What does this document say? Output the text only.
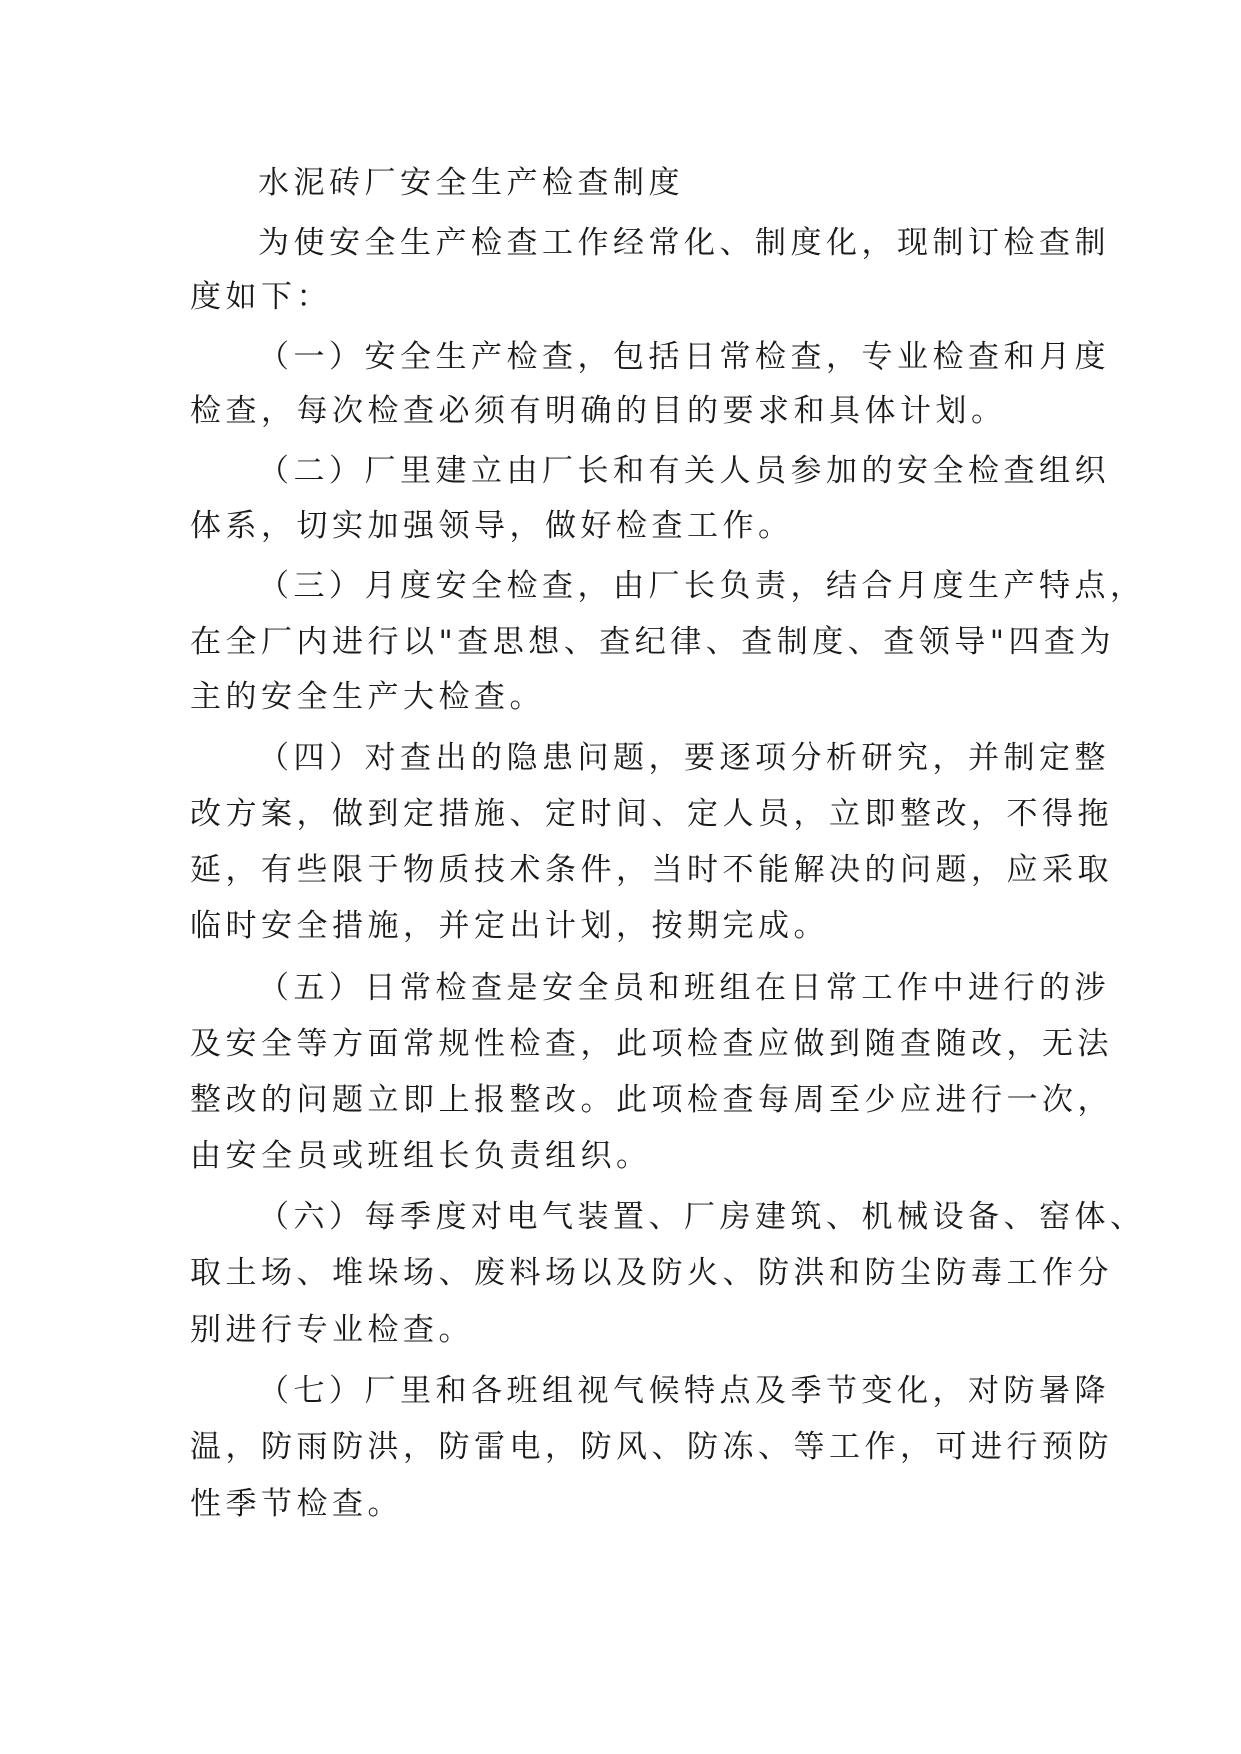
水泥砖厂安全生产检查制度
为使安全生产检查工作经常化、制度化，现制订检查制
度如下：
（一）安全生产检查，包括日常检查，专业检查和月度
检查，每次检查必须有明确的目的要求和具体计划。
（二）厂里建立由厂长和有关人员参加的安全检查组织
体系，切实加强领导，做好检查工作。
（三）月度安全检查，由厂长负责，结合月度生产特点，
在全厂内进行以"查思想、查纪律、查制度、查领导"四查为
主的安全生产大检查。
（四）对查出的隐患问题，要逐项分析研究，并制定整
改方案，做到定措施、定时间、定人员，立即整改，不得拖
延，有些限于物质技术条件，当时不能解决的问题，应采取
临时安全措施，并定出计划，按期完成。
（五）日常检查是安全员和班组在日常工作中进行的涉
及安全等方面常规性检查，此项检查应做到随查随改，无法
整改的问题立即上报整改。此项检查每周至少应进行一次，
由安全员或班组长负责组织。
（六）每季度对电气装置、厂房建筑、机械设备、窑体、
取土场、堆垛场、废料场以及防火、防洪和防尘防毒工作分
别进行专业检查。
（七）厂里和各班组视气候特点及季节变化，对防暑降
温，防雨防洪，防雷电，防风、防冻、等工作，可进行预防
性季节检查。
